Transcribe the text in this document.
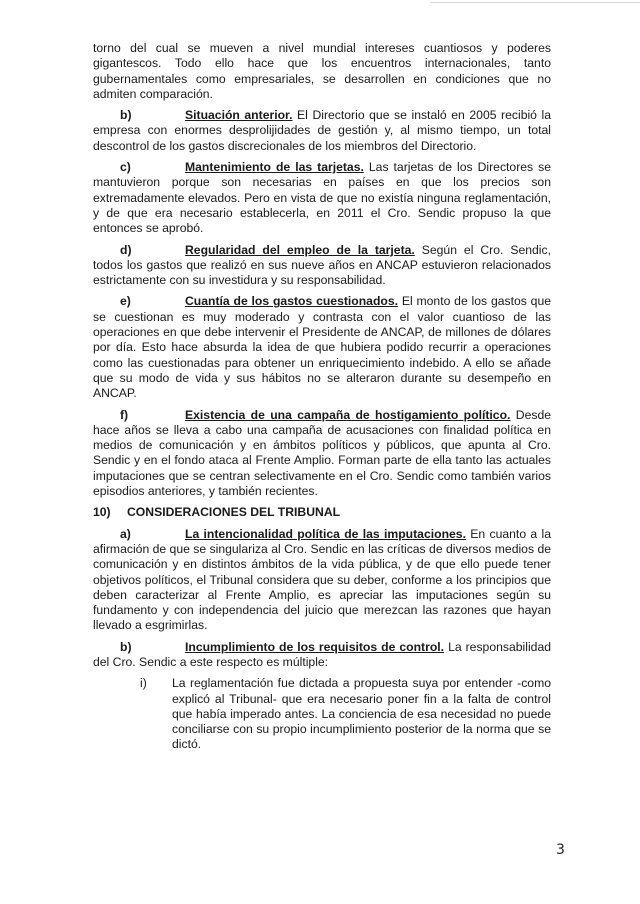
torno del cual se mueven a nivel mundial intereses cuantiosos y poderes gigantescos. Todo ello hace que los encuentros internacionales, tanto gubernamentales como empresariales, se desarrollen en condiciones que no admiten comparación.

b)	Situación anterior. El Directorio que se instaló en 2005 recibió la empresa con enormes desprolijidades de gestión y, al mismo tiempo, un total descontrol de los gastos discrecionales de los miembros del Directorio.

c)	Mantenimiento de las tarjetas. Las tarjetas de los Directores se mantuvieron porque son necesarias en países en que los precios son extremadamente elevados. Pero en vista de que no existía ninguna reglamentación, y de que era necesario establecerla, en 2011 el Cro. Sendic propuso la que entonces se aprobó.

d)	Regularidad del empleo de la tarjeta. Según el Cro. Sendic, todos los gastos que realizó en sus nueve años en ANCAP estuvieron relacionados estrictamente con su investidura y su responsabilidad.

e)	Cuantía de los gastos cuestionados. El monto de los gastos que se cuestionan es muy moderado y contrasta con el valor cuantioso de las operaciones en que debe intervenir el Presidente de ANCAP, de millones de dólares por día. Esto hace absurda la idea de que hubiera podido recurrir a operaciones como las cuestionadas para obtener un enriquecimiento indebido. A ello se añade que su modo de vida y sus hábitos no se alteraron durante su desempeño en ANCAP.

f)	Existencia de una campaña de hostigamiento político. Desde hace años se lleva a cabo una campaña de acusaciones con finalidad política en medios de comunicación y en ámbitos políticos y públicos, que apunta al Cro. Sendic y en el fondo ataca al Frente Amplio. Forman parte de ella tanto las actuales imputaciones que se centran selectivamente en el Cro. Sendic como también varios episodios anteriores, y también recientes.

10) CONSIDERACIONES DEL TRIBUNAL

a)	La intencionalidad política de las imputaciones. En cuanto a la afirmación de que se singulariza al Cro. Sendic en las críticas de diversos medios de comunicación y en distintos ámbitos de la vida pública, y de que ello puede tener objetivos políticos, el Tribunal considera que su deber, conforme a los principios que deben caracterizar al Frente Amplio, es apreciar las imputaciones según su fundamento y con independencia del juicio que merezcan las razones que hayan llevado a esgrimirlas.

b)	Incumplimiento de los requisitos de control. La responsabilidad del Cro. Sendic a este respecto es múltiple:

i) La reglamentación fue dictada a propuesta suya por entender -como explicó al Tribunal- que era necesario poner fin a la falta de control que había imperado antes. La conciencia de esa necesidad no puede conciliarse con su propio incumplimiento posterior de la norma que se dictó.
3
